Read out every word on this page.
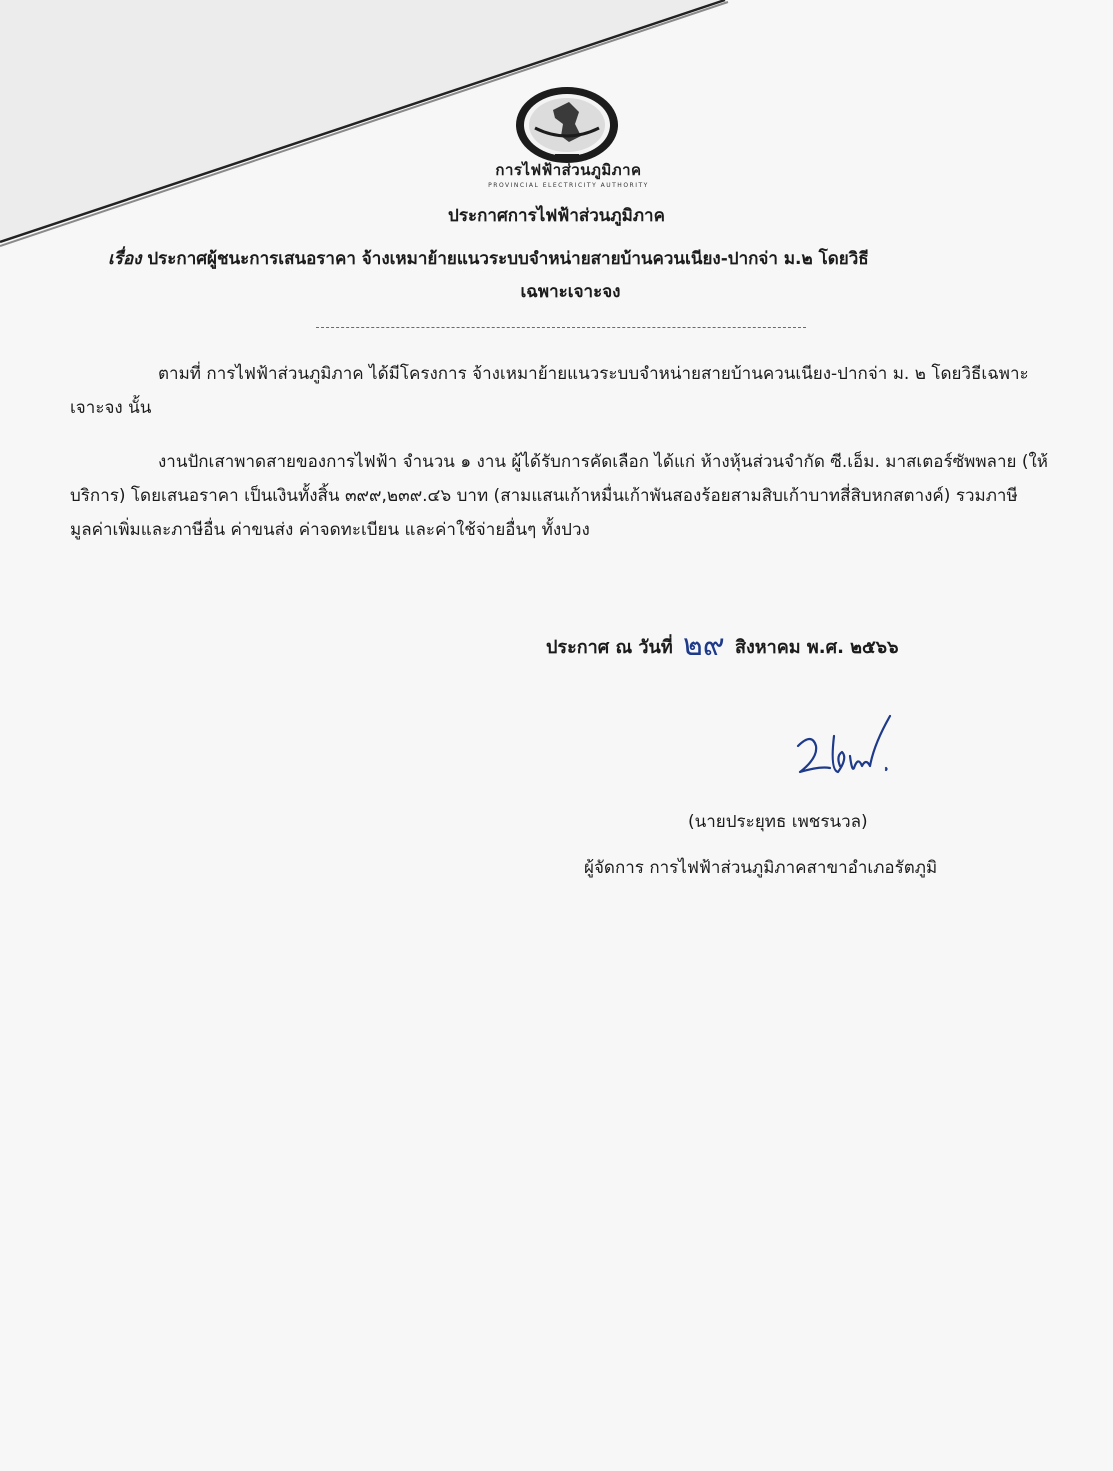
การไฟฟ้าส่วนภูมิภาค
PROVINCIAL ELECTRICITY AUTHORITY
ประกาศการไฟฟ้าส่วนภูมิภาค
เรื่อง ประกาศผู้ชนะการเสนอราคา จ้างเหมาย้ายแนวระบบจำหน่ายสายบ้านควนเนียง-ปากจ่า ม.๒ โดยวิธี
เฉพาะเจาะจง
ตามที่ การไฟฟ้าส่วนภูมิภาค ได้มีโครงการ จ้างเหมาย้ายแนวระบบจำหน่ายสายบ้านควนเนียง-ปากจ่า ม. ๒ โดยวิธีเฉพาะเจาะจง นั้น
งานปักเสาพาดสายของการไฟฟ้า จำนวน ๑ งาน ผู้ได้รับการคัดเลือก ได้แก่ ห้างหุ้นส่วนจำกัด ซี.เอ็ม. มาสเตอร์ซัพพลาย (ให้บริการ) โดยเสนอราคา เป็นเงินทั้งสิ้น ๓๙๙,๒๓๙.๔๖ บาท (สามแสนเก้าหมื่นเก้าพันสองร้อยสามสิบเก้าบาทสี่สิบหกสตางค์) รวมภาษีมูลค่าเพิ่มและภาษีอื่น ค่าขนส่ง ค่าจดทะเบียน และค่าใช้จ่ายอื่นๆ ทั้งปวง
ประกาศ ณ วันที่ ๒๙ สิงหาคม พ.ศ. ๒๕๖๖
(นายประยุทธ เพชรนวล)
ผู้จัดการ การไฟฟ้าส่วนภูมิภาคสาขาอำเภอรัตภูมิ
